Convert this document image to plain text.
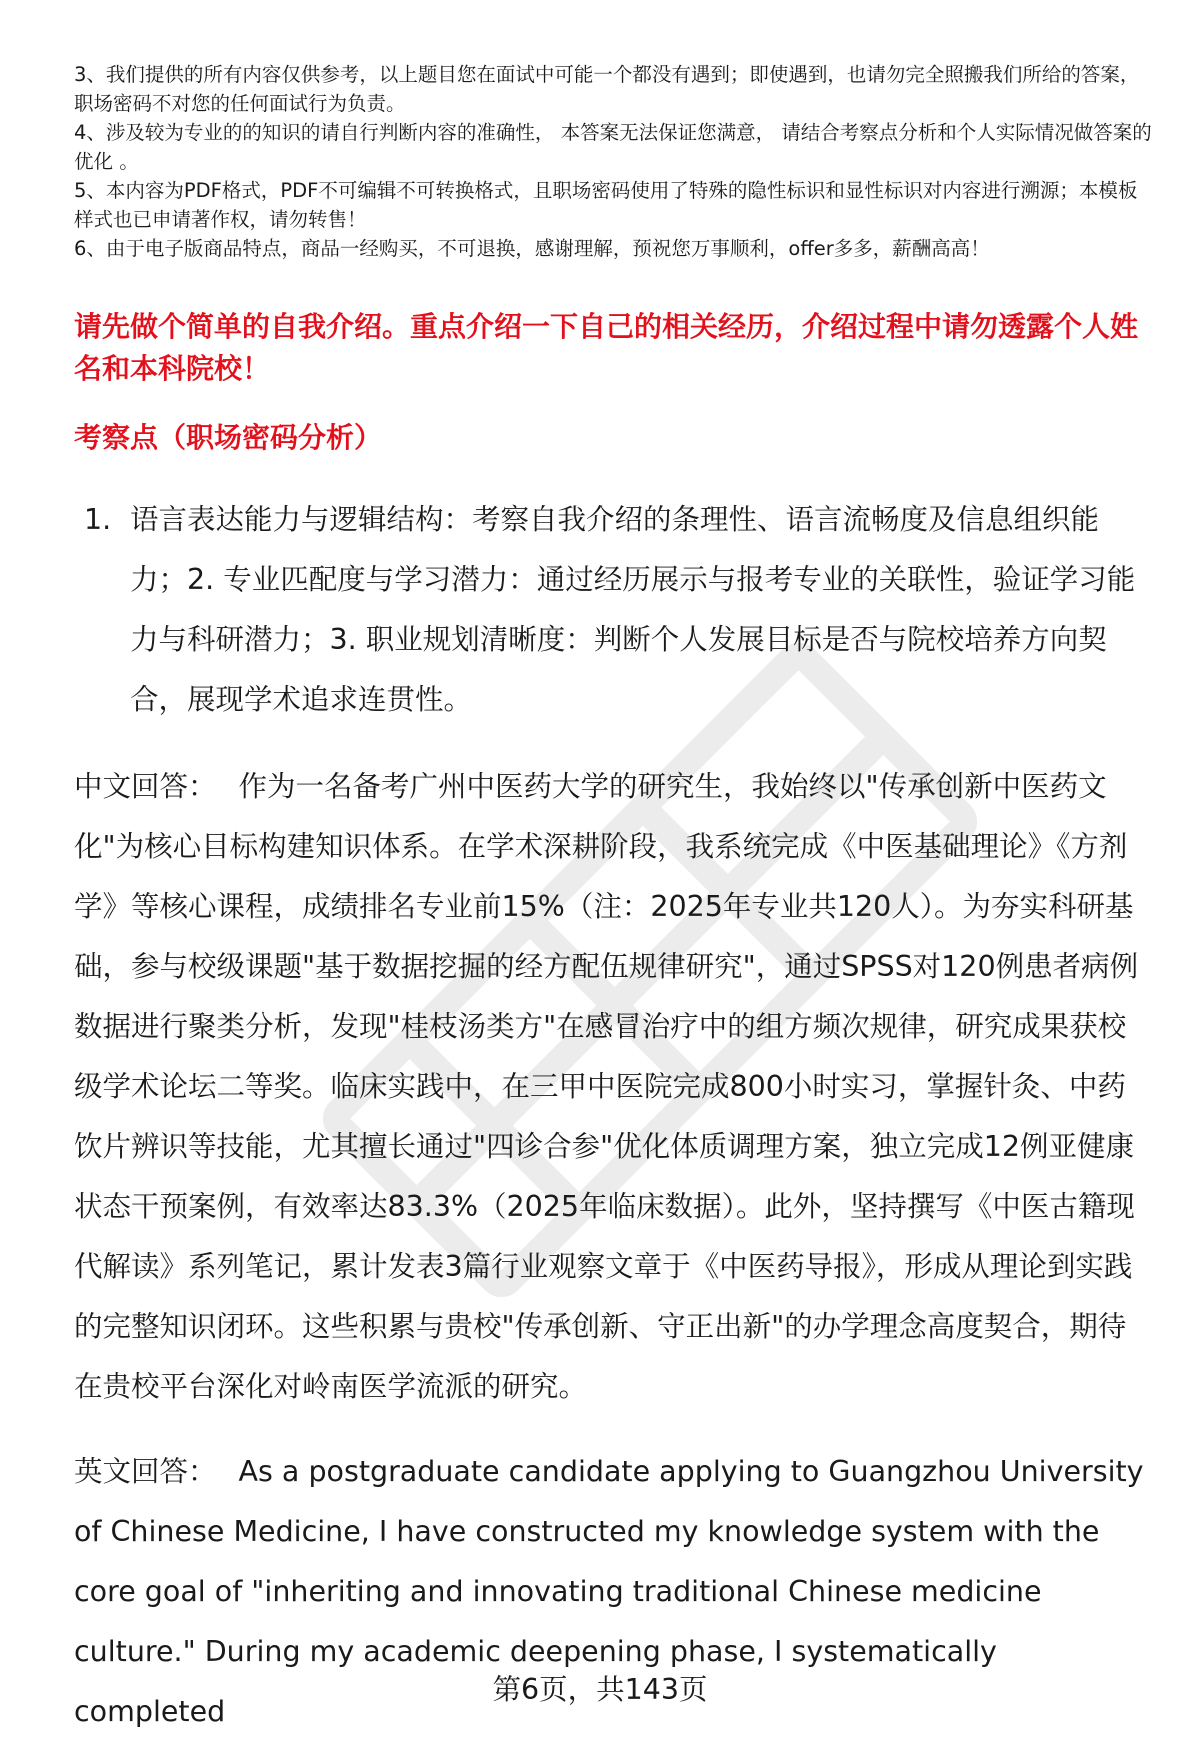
3、我们提供的所有内容仅供参考，以上题目您在面试中可能一个都没有遇到；即使遇到，也请勿完全照搬我们所给的答案，职场密码不对您的任何面试行为负责。

4、涉及较为专业的的知识的请自行判断内容的准确性， 本答案无法保证您满意， 请结合考察点分析和个人实际情况做答案的优化 。

5、本内容为PDF格式，PDF不可编辑不可转换格式，且职场密码使用了特殊的隐性标识和显性标识对内容进行溯源；本模板样式也已申请著作权，请勿转售！

6、由于电子版商品特点，商品一经购买，不可退换，感谢理解，预祝您万事顺利，offer多多，薪酬高高！

请先做个简单的自我介绍。重点介绍一下自己的相关经历，介绍过程中请勿透露个人姓名和本科院校！

考察点（职场密码分析）

1. 语言表达能力与逻辑结构：考察自我介绍的条理性、语言流畅度及信息组织能力；2. 专业匹配度与学习潜力：通过经历展示与报考专业的关联性，验证学习能力与科研潜力；3. 职业规划清晰度：判断个人发展目标是否与院校培养方向契合，展现学术追求连贯性。

中文回答： 作为一名备考广州中医药大学的研究生，我始终以"传承创新中医药文化"为核心目标构建知识体系。在学术深耕阶段，我系统完成《中医基础理论》《方剂学》等核心课程，成绩排名专业前15%（注：2025年专业共120人）。为夯实科研基础，参与校级课题"基于数据挖掘的经方配伍规律研究"，通过SPSS对120例患者病例数据进行聚类分析，发现"桂枝汤类方"在感冒治疗中的组方频次规律，研究成果获校级学术论坛二等奖。临床实践中，在三甲中医院完成800小时实习，掌握针灸、中药饮片辨识等技能，尤其擅长通过"四诊合参"优化体质调理方案，独立完成12例亚健康状态干预案例，有效率达83.3%（2025年临床数据）。此外，坚持撰写《中医古籍现代解读》系列笔记，累计发表3篇行业观察文章于《中医药导报》，形成从理论到实践的完整知识闭环。这些积累与贵校"传承创新、守正出新"的办学理念高度契合，期待在贵校平台深化对岭南医学流派的研究。

英文回答： As a postgraduate candidate applying to Guangzhou University of Chinese Medicine, I have constructed my knowledge system with the core goal of "inheriting and innovating traditional Chinese medicine culture." During my academic deepening phase, I systematically completed

第6页，共143页
